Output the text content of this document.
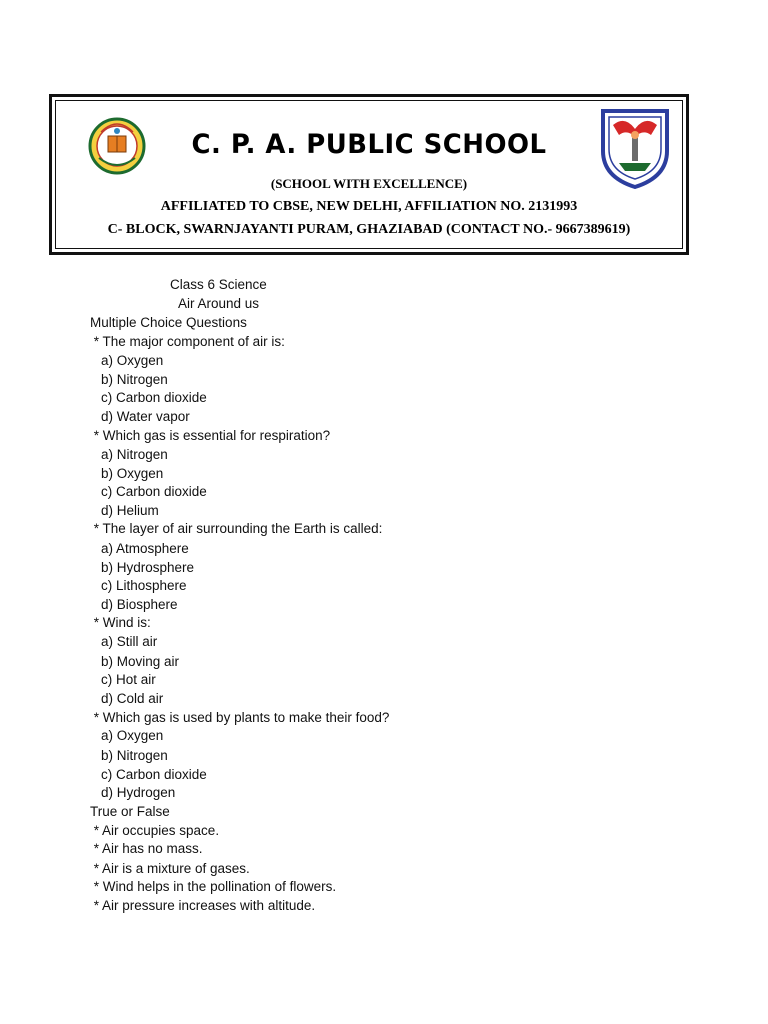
C. P. A. PUBLIC SCHOOL
(SCHOOL WITH EXCELLENCE)
AFFILIATED TO CBSE, NEW DELHI, AFFILIATION NO. 2131993
C- BLOCK, SWARNJAYANTI PURAM, GHAZIABAD (CONTACT NO.- 9667389619)
Class 6 Science
Air Around us
Multiple Choice Questions
* The major component of air is:
a) Oxygen
b) Nitrogen
c) Carbon dioxide
d) Water vapor
* Which gas is essential for respiration?
a) Nitrogen
b) Oxygen
c) Carbon dioxide
d) Helium
* The layer of air surrounding the Earth is called:
a) Atmosphere
b) Hydrosphere
c) Lithosphere
d) Biosphere
* Wind is:
a) Still air
b) Moving air
c) Hot air
d) Cold air
* Which gas is used by plants to make their food?
a) Oxygen
b) Nitrogen
c) Carbon dioxide
d) Hydrogen
True or False
* Air occupies space.
* Air has no mass.
* Air is a mixture of gases.
* Wind helps in the pollination of flowers.
* Air pressure increases with altitude.
